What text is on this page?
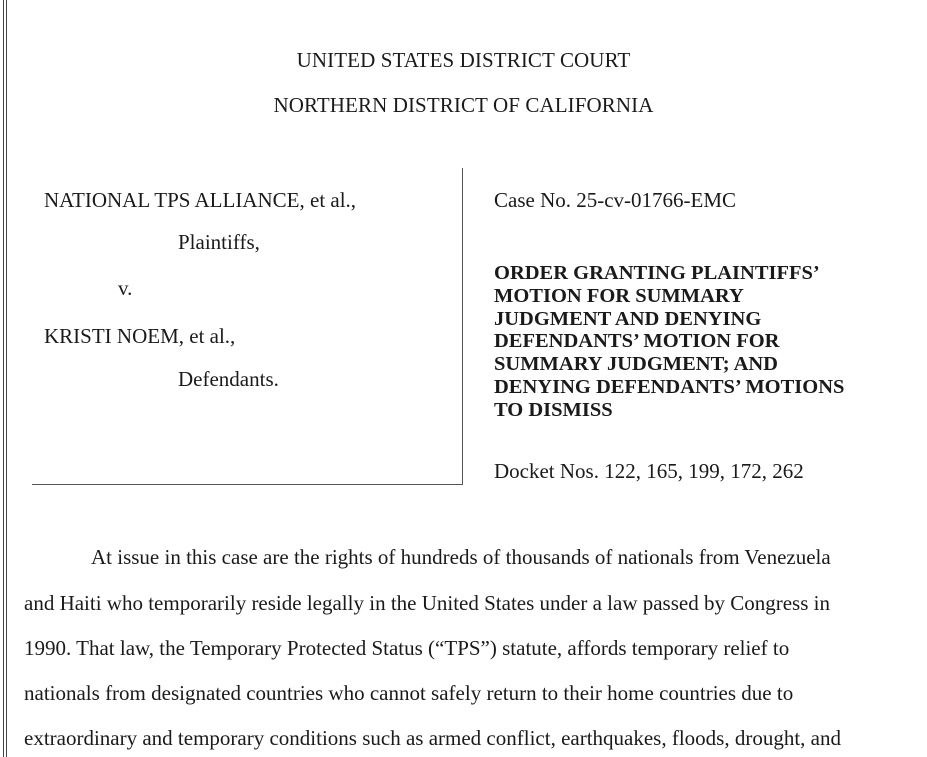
UNITED STATES DISTRICT COURT
NORTHERN DISTRICT OF CALIFORNIA
NATIONAL TPS ALLIANCE, et al.,
Plaintiffs,
v.
KRISTI NOEM, et al.,
Defendants.
Case No. 25-cv-01766-EMC
ORDER GRANTING PLAINTIFFS’
MOTION FOR SUMMARY
JUDGMENT AND DENYING
DEFENDANTS’ MOTION FOR
SUMMARY JUDGMENT; AND
DENYING DEFENDANTS’ MOTIONS
TO DISMISS
Docket Nos. 122, 165, 199, 172, 262
At issue in this case are the rights of hundreds of thousands of nationals from Venezuela
and Haiti who temporarily reside legally in the United States under a law passed by Congress in
1990. That law, the Temporary Protected Status (“TPS”) statute, affords temporary relief to
nationals from designated countries who cannot safely return to their home countries due to
extraordinary and temporary conditions such as armed conflict, earthquakes, floods, drought, and
